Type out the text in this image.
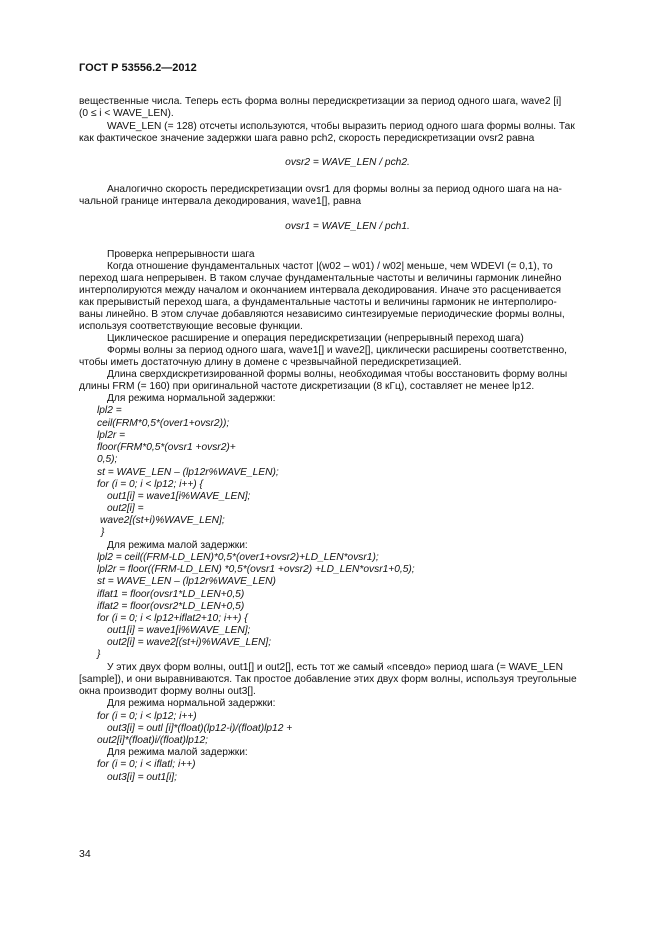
ГОСТ Р 53556.2—2012
вещественные числа. Теперь есть форма волны передискретизации за период одного шага, wave2 [i]
(0 ≤ i < WAVE_LEN).
WAVE_LEN (= 128) отсчеты используются, чтобы выразить период одного шага формы волны. Так
как фактическое значение задержки шага равно pch2, скорость передискретизации ovsr2 равна
ovsr2 = WAVE_LEN / pch2.
Аналогично скорость передискретизации ovsr1 для формы волны за период одного шага на на-
чальной границе интервала декодирования, wave1[], равна
ovsr1 = WAVE_LEN / pch1.
Проверка непрерывности шага
Когда отношение фундаментальных частот |(w02 – w01) / w02| меньше, чем WDEVI (= 0,1), то
переход шага непрерывен. В таком случае фундаментальные частоты и величины гармоник линейно
интерполируются между началом и окончанием интервала декодирования. Иначе это расценивается
как прерывистый переход шага, а фундаментальные частоты и величины гармоник не интерполиро-
ваны линейно. В этом случае добавляются независимо синтезируемые периодические формы волны,
используя соответствующие весовые функции.
Циклическое расширение и операция передискретизации (непрерывный переход шага)
Формы волны за период одного шага, wave1[] и wave2[], циклически расширены соответственно,
чтобы иметь достаточную длину в домене с чрезвычайной передискретизацией.
Длина сверхдискретизированной формы волны, необходимая чтобы восстановить форму волны
длины FRM (= 160) при оригинальной частоте дискретизации (8 кГц), составляет не менее lp12.
Для режима нормальной задержки:
lpl2 =
ceil(FRM*0,5*(over1+ovsr2));
lpl2r =
floor(FRM*0,5*(ovsr1 +ovsr2)+
0,5);
st = WAVE_LEN – (lp12r%WAVE_LEN);
for (i = 0; i < lp12; i++) {
out1[i] = wave1[i%WAVE_LEN];
out2[i] =
wave2[(st+i)%WAVE_LEN];
}
Для режима малой задержки:
lpl2 = ceil((FRM-LD_LEN)*0,5*(over1+ovsr2)+LD_LEN*ovsr1);
lpl2r = floor((FRM-LD_LEN) *0,5*(ovsr1 +ovsr2) +LD_LEN*ovsr1+0,5);
st = WAVE_LEN – (lp12r%WAVE_LEN)
iflat1 = floor(ovsr1*LD_LEN+0,5)
iflat2 = floor(ovsr2*LD_LEN+0,5)
for (i = 0; i < lp12+iflat2+10; i++) {
out1[i] = wave1[i%WAVE_LEN];
out2[i] = wave2[(st+i)%WAVE_LEN];
}
У этих двух форм волны, out1[] и out2[], есть тот же самый «псевдо» период шага (= WAVE_LEN
[sample]), и они выравниваются. Так простое добавление этих двух форм волны, используя треугольные
окна производит форму волны out3[].
Для режима нормальной задержки:
for (i = 0; i < lp12; i++)
out3[i] = outl [i]*(float)(lp12-i)/(float)lp12 +
out2[i]*(float)i/(float)lp12;
Для режима малой задержки:
for (i = 0; i < iflatl; i++)
out3[i] = out1[i];
34
